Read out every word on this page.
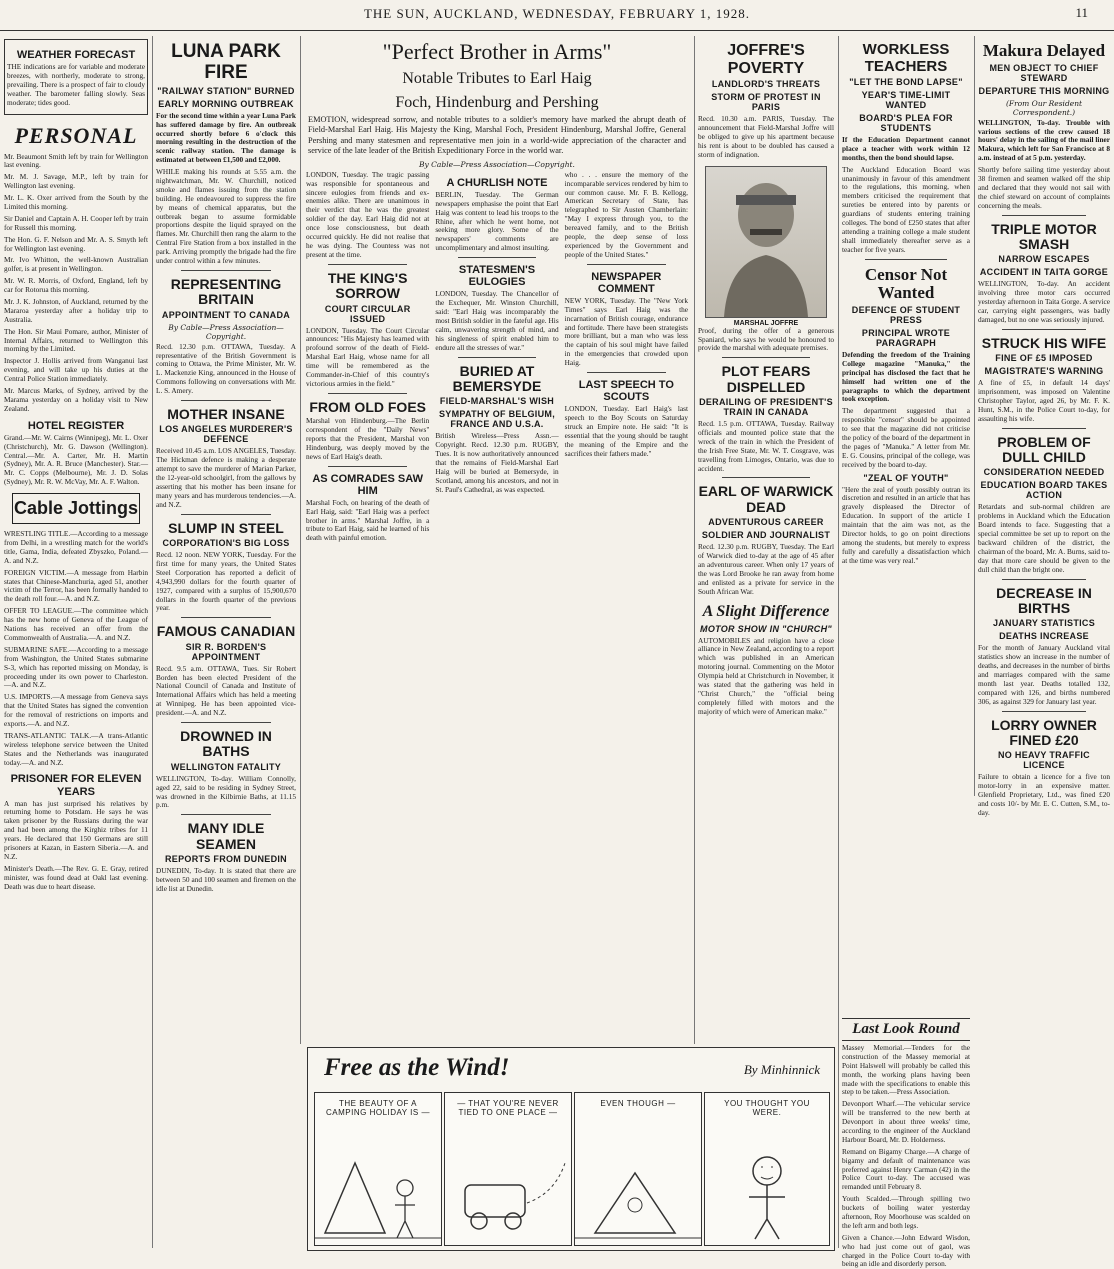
THE SUN, AUCKLAND, WEDNESDAY, FEBRUARY 1, 1928.	11
WEATHER FORECAST
THE indications are for variable and moderate breezes, with northerly, moderate to strong, prevailing. There is a prospect of fair to cloudy weather. The barometer falling slowly. Seas moderate; tides good.
PERSONAL
Mr. Beaumont Smith left by train for Wellington last evening.
Mr. M. J. Savage, M.P., left by train for Wellington last evening.
Mr. L. K. Oxer arrived from the South by the Limited this morning.
Sir Daniel and Captain A. H. Cooper left by train for Russell this morning.
The Hon. G. F. Nelson and Mr. A. S. Smyth left for Wellington last evening.
Mr. Ivo Whitton, the well-known Australian golfer, is at present in Wellington.
Mr. W. R. Morris, of Oxford, England, left by car for Rotorua this morning.
Mr. J. K. Johnston, of Auckland, returned by the Mararoa yesterday after a holiday trip to Australia.
The Hon. Sir Maui Pomare, author, Minister of Internal Affairs, returned to Wellington this morning by the Limited.
Inspector J. Hollis arrived from Wanganui last evening, and will take up his duties at the Central Police Station immediately.
Mr. Marcus Marks, of Sydney, arrived by the Marama yesterday on a holiday visit to New Zealand.
HOTEL REGISTER
Grand.—Mr. W. Cairns (Winnipeg), Mr. L. Oxer (Christchurch), Mr. G. Dawson (Wellington). Central.—Mr. A. Carter, Mr. H. Martin (Sydney), Mr. A. R. Bruce (Manchester). Star.—Mr. C. Copps (Melbourne), Mr. J. D. Solas (Sydney), Mr. R. W. McVay, Mr. A. F. Walton.
Cable Jottings
WRESTLING TITLE.—According to a message from Delhi, in a wrestling match for the world's title, Gama, India, defeated Zbyszko, Poland.—A. and N.Z.
FOREIGN VICTIM.—A message from Harbin states that Chinese-Manchuria, aged 51, another victim of the Terror, has been formally handed to the death roll four.—A. and N.Z.
OFFER TO LEAGUE.—The committee which has the new home of Geneva of the League of Nations has received an offer from the Commonwealth of Australia.—A. and N.Z.
SUBMARINE SAFE.—According to a message from Washington, the United States submarine S-3, which has reported missing on Monday, is proceeding under its own power to Charleston.—A. and N.Z.
U.S. IMPORTS.—A message from Geneva says that the United States has signed the convention for the removal of restrictions on imports and exports.—A. and N.Z.
TRANS-ATLANTIC TALK.—A trans-Atlantic wireless telephone service between the United States and the Netherlands was inaugurated today.—A. and N.Z.
PRISONER FOR ELEVEN YEARS
A man has just surprised his relatives by returning home to Potsdam. He says he was taken prisoner by the Russians during the war and had been among the Kirghiz tribes for 11 years. He declared that 150 Germans are still prisoners at Kazan, in Eastern Siberia.—A. and N.Z.
Minister's Death.—The Rev. G. E. Gray, retired minister, was found dead at Oakl last evening. Death was due to heart disease.
LUNA PARK FIRE
"RAILWAY STATION" BURNED
EARLY MORNING OUTBREAK
For the second time within a year Luna Park has suffered damage by fire. An outbreak occurred shortly before 6 o'clock this morning resulting in the destruction of the scenic railway station. The damage is estimated at between £1,500 and £2,000.
WHILE making his rounds at 5.55 a.m. the nightwatchman, Mr. W. Churchill, noticed smoke and flames issuing from the station building. He endeavoured to suppress the fire by means of chemical apparatus, but the outbreak began to assume formidable proportions despite the liquid sprayed on the flames. Mr. Churchill then rang the alarm to the Central Fire Station from a box installed in the park. Arriving promptly the brigade had the fire under control within a few minutes.
REPRESENTING BRITAIN
APPOINTMENT TO CANADA
By Cable—Press Association—Copyright.
Recd. 12.30 p.m. OTTAWA, Tuesday. A representative of the British Government is coming to Ottawa, the Prime Minister, Mr. W. L. Mackenzie King, announced in the House of Commons following on conversations with Mr. L. S. Amery.
MOTHER INSANE
LOS ANGELES MURDERER'S DEFENCE
Received 10.45 a.m. LOS ANGELES, Tuesday. The Hickman defence is making a desperate attempt to save the murderer of Marian Parker, the 12-year-old schoolgirl, from the gallows by asserting that his mother has been insane for many years and has murderous tendencies.—A. and N.Z.
SLUMP IN STEEL
CORPORATION'S BIG LOSS
Recd. 12 noon. NEW YORK, Tuesday. For the first time for many years, the United States Steel Corporation has reported a deficit of 4,943,990 dollars for the fourth quarter of 1927, compared with a surplus of 15,900,670 dollars in the fourth quarter of the previous year.
FAMOUS CANADIAN
SIR R. BORDEN'S APPOINTMENT
Recd. 9.5 a.m. OTTAWA, Tues. Sir Robert Borden has been elected President of the National Council of Canada and Institute of International Affairs which has held a meeting at Winnipeg. He has been appointed vice-president.—A. and N.Z.
DROWNED IN BATHS
WELLINGTON FATALITY
WELLINGTON, To-day. William Connolly, aged 22, said to be residing in Sydney Street, was drowned in the Kilbirnie Baths, at 11.15 p.m.
MANY IDLE SEAMEN
REPORTS FROM DUNEDIN
DUNEDIN, To-day. It is stated that there are between 50 and 100 seamen and firemen on the idle list at Dunedin.
"Perfect Brother in Arms"
Notable Tributes to Earl Haig
Foch, Hindenburg and Pershing
EMOTION, widespread sorrow, and notable tributes to a soldier's memory have marked the abrupt death of Field-Marshal Earl Haig. His Majesty the King, Marshal Foch, President Hindenburg, Marshal Joffre, General Pershing and many statesmen and representative men join in a world-wide appreciation of the character and service of the late leader of the British Expeditionary Force in the world war.
By Cable—Press Association—Copyright.
LONDON, Tuesday. The tragic passing was responsible for spontaneous and sincere eulogies from friends and ex-enemies alike. There are unanimous in their verdict that he was the greatest soldier of the day. Earl Haig did not at once lose consciousness, but death occurred quickly. He did not realise that he was dying. The Countess was not present at the time.
THE KING'S SORROW
COURT CIRCULAR ISSUED
LONDON, Tuesday. The Court Circular announces: "His Majesty has learned with profound sorrow of the death of Field-Marshal Earl Haig, whose name for all time will be remembered as the Commander-in-Chief of this country's victorious armies in the field."
FROM OLD FOES
Marshal von Hindenburg.—The Berlin correspondent of the "Daily News" reports that the President, Marshal von Hindenburg, was deeply moved by the news of Earl Haig's death.
AS COMRADES SAW HIM
Marshal Foch, on hearing of the death of Earl Haig, said: "Earl Haig was a perfect brother in arms." Marshal Joffre, in a tribute to Earl Haig, said he learned of his death with painful emotion.
A CHURLISH NOTE
BERLIN, Tuesday. The German newspapers emphasise the point that Earl Haig was content to lead his troops to the Rhine, after which he went home, not seeking more glory. Some of the newspapers' comments are uncomplimentary and almost insulting.
STATESMEN'S EULOGIES
LONDON, Tuesday. The Chancellor of the Exchequer, Mr. Winston Churchill, said: "Earl Haig was incomparably the most British soldier in the fateful age. His calm, unwavering strength of mind, and his singleness of spirit enabled him to endure all the stresses of war."
BURIED AT BEMERSYDE
FIELD-MARSHAL'S WISH
SYMPATHY OF BELGIUM, FRANCE AND U.S.A.
British Wireless—Press Assn.—Copyright. Recd. 12.30 p.m. RUGBY, Tues. It is now authoritatively announced that the remains of Field-Marshal Earl Haig will be buried at Bemersyde, in Scotland, among his ancestors, and not in St. Paul's Cathedral, as was expected.
who . . . ensure the memory of the incomparable services rendered by him to our common cause. Mr. F. B. Kellogg, American Secretary of State, has telegraphed to Sir Austen Chamberlain: "May I express through you, to the bereaved family, and to the British people, the deep sense of loss experienced by the Government and people of the United States."
NEWSPAPER COMMENT
NEW YORK, Tuesday. The "New York Times" says Earl Haig was the incarnation of British courage, endurance and fortitude. There have been strategists more brilliant, but a man who was less the captain of his soul might have failed in the emergencies that crowded upon Haig.
LAST SPEECH TO SCOUTS
LONDON, Tuesday. Earl Haig's last speech to the Boy Scouts on Saturday struck an Empire note. He said: "It is essential that the young should be taught the meaning of the Empire and the sacrifices their fathers made."
JOFFRE'S POVERTY
LANDLORD'S THREATS
STORM OF PROTEST IN PARIS
Recd. 10.30 a.m. PARIS, Tuesday. The announcement that Field-Marshal Joffre will be obliged to give up his apartment because his rent is about to be doubled has caused a storm of indignation.
MARSHAL JOFFRE
Proof, during the offer of a generous Spaniard, who says he would be honoured to provide the marshal with adequate premises.
PLOT FEARS DISPELLED
DERAILING OF PRESIDENT'S TRAIN IN CANADA
Recd. 1.5 p.m. OTTAWA, Tuesday. Railway officials and mounted police state that the wreck of the train in which the President of the Irish Free State, Mr. W. T. Cosgrave, was travelling from Limoges, Ontario, was due to accident.
EARL OF WARWICK DEAD
ADVENTUROUS CAREER
SOLDIER AND JOURNALIST
Recd. 12.30 p.m. RUGBY, Tuesday. The Earl of Warwick died to-day at the age of 45 after an adventurous career. When only 17 years of the was Lord Brooke he ran away from home and enlisted as a private for service in the South African War.
A Slight Difference
MOTOR SHOW IN "CHURCH"
AUTOMOBILES and religion have a close alliance in New Zealand, according to a report which was published in an American motoring journal. Commenting on the Motor Olympia held at Christchurch in November, it was stated that the gathering was held in "Christ Church," the "official being completely filled with motors and the majority of which were of American make."
WORKLESS TEACHERS
"LET THE BOND LAPSE"
YEAR'S TIME-LIMIT WANTED
BOARD'S PLEA FOR STUDENTS
If the Education Department cannot place a teacher with work within 12 months, then the bond should lapse.
The Auckland Education Board was unanimously in favour of this amendment to the regulations, this morning, when members criticised the requirement that sureties be entered into by parents or guardians of students entering training colleges. The bond of £250 states that after attending a training college a male student shall immediately thereafter serve as a teacher for five years.
Censor Not Wanted
DEFENCE OF STUDENT PRESS
PRINCIPAL WROTE PARAGRAPH
Defending the freedom of the Training College magazine "Manuka," the principal has disclosed the fact that he himself had written one of the paragraphs to which the department took exception.
The department suggested that a responsible "censor" should be appointed to see that the magazine did not criticise the policy of the board of the department in the pages of "Manuka." A letter from Mr. E. G. Cousins, principal of the college, was received by the board to-day.
"ZEAL OF YOUTH"
"Here the zeal of youth possibly outran its discretion and resulted in an article that has gravely displeased the Director of Education. In support of the article I maintain that the aim was not, as the Director holds, to go on point directions among the students, but merely to express fully and carefully a dissatisfaction which at the time was very real."
Makura Delayed
MEN OBJECT TO CHIEF STEWARD
DEPARTURE THIS MORNING
(From Our Resident Correspondent.)
WELLINGTON, To-day. Trouble with various sections of the crew caused 18 hours' delay in the sailing of the mail liner Makura, which left for San Francisco at 8 a.m. instead of at 5 p.m. yesterday.
Shortly before sailing time yesterday about 38 firemen and seamen walked off the ship and declared that they would not sail with the chief steward on account of complaints concerning the meals.
TRIPLE MOTOR SMASH
NARROW ESCAPES
ACCIDENT IN TAITA GORGE
WELLINGTON, To-day. An accident involving three motor cars occurred yesterday afternoon in Taita Gorge. A service car, carrying eight passengers, was badly damaged, but no one was seriously injured.
STRUCK HIS WIFE
FINE OF £5 IMPOSED
MAGISTRATE'S WARNING
A fine of £5, in default 14 days' imprisonment, was imposed on Valentine Christopher Taylor, aged 26, by Mr. F. K. Hunt, S.M., in the Police Court to-day, for assaulting his wife.
PROBLEM OF DULL CHILD
CONSIDERATION NEEDED
EDUCATION BOARD TAKES ACTION
Retardats and sub-normal children are problems in Auckland which the Education Board intends to face. Suggesting that a special committee be set up to report on the backward children of the district, the chairman of the board, Mr. A. Burns, said to-day that more care should be given to the dull child than the bright one.
DECREASE IN BIRTHS
JANUARY STATISTICS
DEATHS INCREASE
For the month of January Auckland vital statistics show an increase in the number of deaths, and decreases in the number of births and marriages compared with the same month last year. Deaths totalled 132, compared with 126, and births numbered 306, as against 329 for January last year.
LORRY OWNER FINED £20
NO HEAVY TRAFFIC LICENCE
Failure to obtain a licence for a five ton motor-lorry in an expensive matter. Glenfield Proprietary, Ltd., was fined £20 and costs 10/- by Mr. E. C. Cutten, S.M., to-day.
Last Look Round
Massey Memorial.—Tenders for the construction of the Massey memorial at Point Halswell will probably be called this month, the working plans having been made with the specifications to enable this step to be taken.—Press Association.
Devonport Wharf.—The vehicular service will be transferred to the new berth at Devonport in about three weeks' time, according to the engineer of the Auckland Harbour Board, Mr. D. Holderness.
Remand on Bigamy Charge.—A charge of bigamy and default of maintenance was preferred against Henry Carman (42) in the Police Court to-day. The accused was remanded until February 8.
Youth Scalded.—Through spilling two buckets of boiling water yesterday afternoon, Roy Moorhouse was scalded on the left arm and both legs.
Given a Chance.—John Edward Wisdon, who had just come out of gaol, was charged in the Police Court to-day with being an idle and disorderly person.
Free as the Wind!	By Minhinnick
THE BEAUTY OF A CAMPING HOLIDAY IS —
— THAT YOU'RE NEVER TIED TO ONE PLACE —
EVEN THOUGH —	YOU THOUGHT YOU WERE.
